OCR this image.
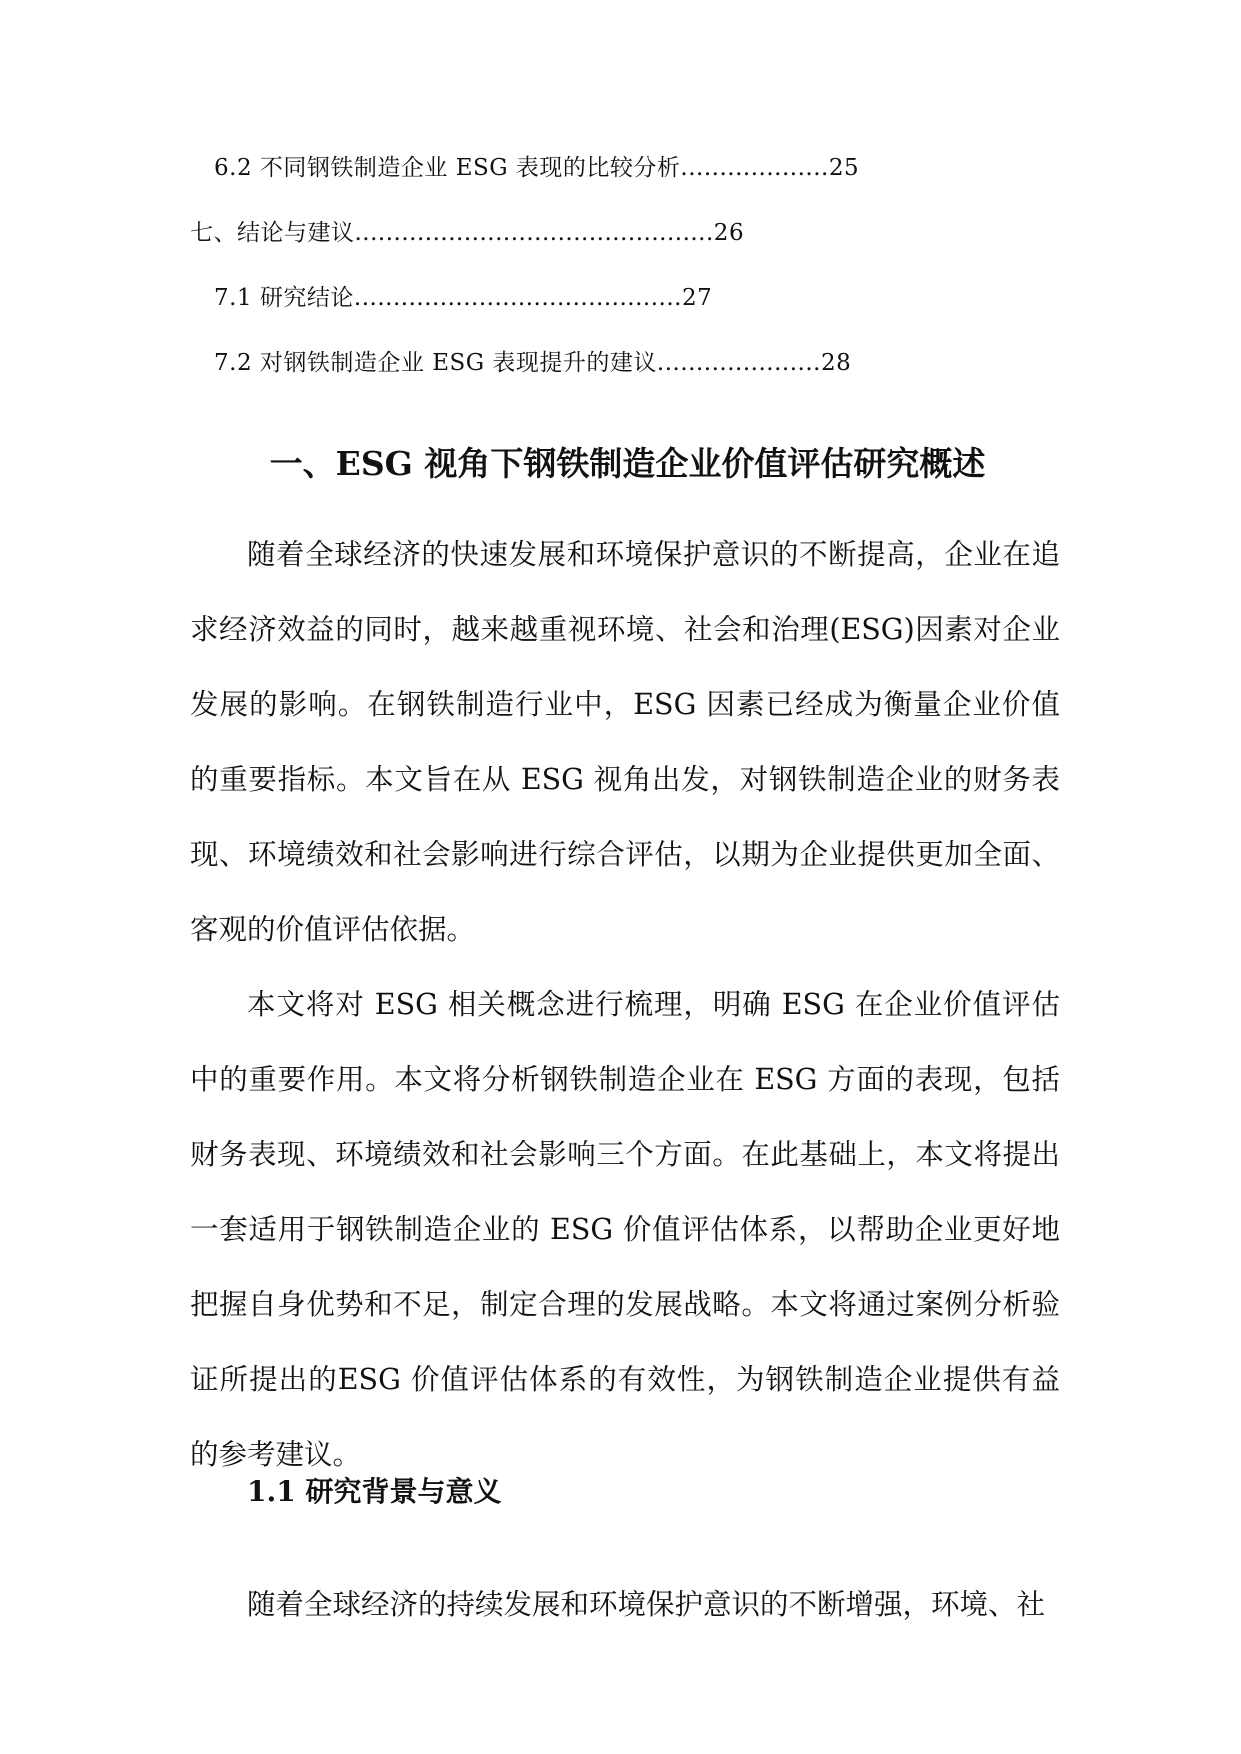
6.2 不同钢铁制造企业 ESG 表现的比较分析...................25
七、结论与建议..............................................26
7.1 研究结论..........................................27
7.2 对钢铁制造企业 ESG 表现提升的建议.....................28
一、ESG 视角下钢铁制造企业价值评估研究概述

随着全球经济的快速发展和环境保护意识的不断提高，企业在追求经济效益的同时，越来越重视环境、社会和治理(ESG)因素对企业发展的影响。在钢铁制造行业中，ESG 因素已经成为衡量企业价值的重要指标。本文旨在从 ESG 视角出发，对钢铁制造企业的财务表现、环境绩效和社会影响进行综合评估，以期为企业提供更加全面、客观的价值评估依据。

本文将对 ESG 相关概念进行梳理，明确 ESG 在企业价值评估中的重要作用。本文将分析钢铁制造企业在 ESG 方面的表现，包括财务表现、环境绩效和社会影响三个方面。在此基础上，本文将提出一套适用于钢铁制造企业的 ESG 价值评估体系，以帮助企业更好地把握自身优势和不足，制定合理的发展战略。本文将通过案例分析验证所提出的ESG 价值评估体系的有效性，为钢铁制造企业提供有益的参考建议。

1.1 研究背景与意义

随着全球经济的持续发展和环境保护意识的不断增强，环境、社
